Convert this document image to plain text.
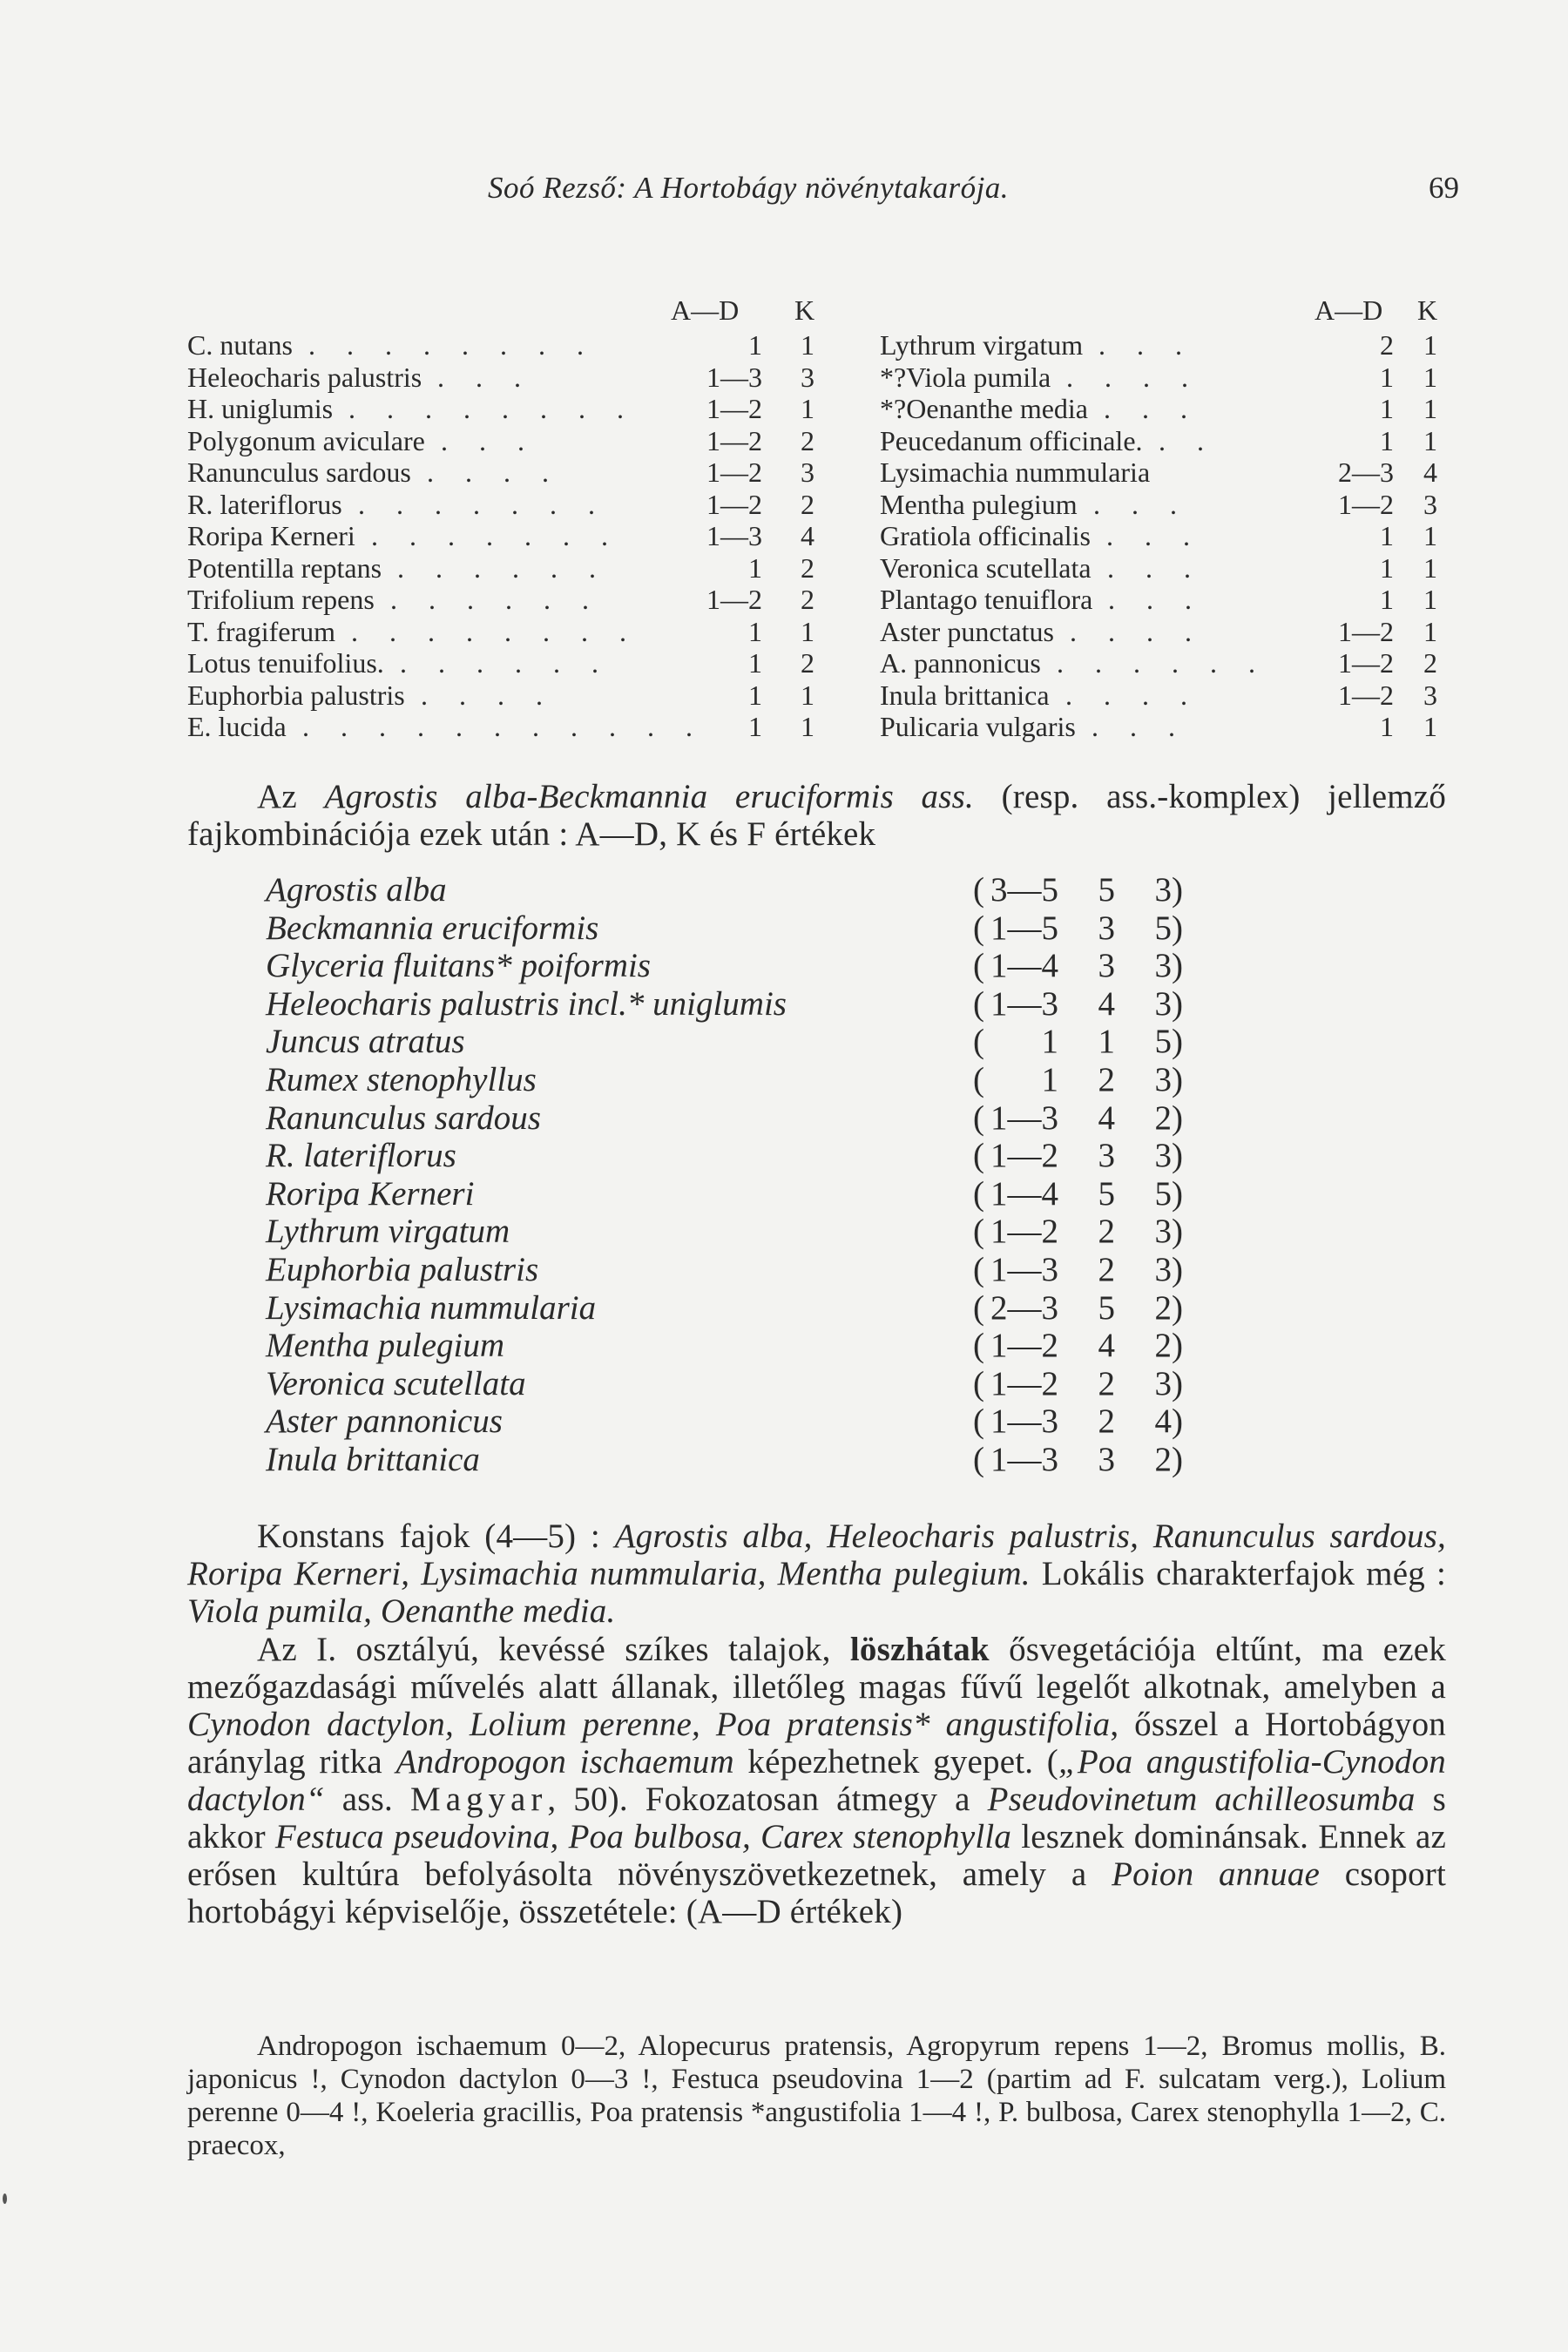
Soó Rezső: A Hortobágy növénytakarója.	69
A—D K
C. nutans . . . . . . . .	1	1
Heleocharis palustris . . .	1—3	3
H. uniglumis . . . . . . . .	1—2	1
Polygonum aviculare . . .	1—2	2
Ranunculus sardous . . . .	1—2	3
R. lateriflorus . . . . . . .	1—2	2
Roripa Kerneri . . . . . . .	1—3	4
Potentilla reptans . . . . . .	1	2
Trifolium repens . . . . . .	1—2	2
T. fragiferum . . . . . . . .	1	1
Lotus tenuifolius. . . . . . .	1	2
Euphorbia palustris . . . .	1	1
E. lucida . . . . . . . . . . .	1	1
A—D K
Lythrum virgatum . . .	2	1
*?Viola pumila . . . .	1	1
*?Oenanthe media . . .	1	1
Peucedanum officinale. . .	1	1
Lysimachia nummularia	2—3	4
Mentha pulegium . . .	1—2	3
Gratiola officinalis . . .	1	1
Veronica scutellata . . .	1	1
Plantago tenuiflora . . .	1	1
Aster punctatus . . . .	1—2	1
A. pannonicus . . . . . .	1—2	2
Inula brittanica . . . .	1—2	3
Pulicaria vulgaris . . .	1	1
Az Agrostis alba-Beckmannia eruciformis ass. (resp. ass.-komplex) jellemző fajkombinációja ezek után : A—D, K és F értékek
Agrostis alba	( 3—5 5 3)
Beckmannia eruciformis	( 1—5 3 5)
Glyceria fluitans* poiformis	( 1—4 3 3)
Heleocharis palustris incl.* uniglumis	( 1—3 4 3)
Juncus atratus	( 1 1 5)
Rumex stenophyllus	( 1 2 3)
Ranunculus sardous	( 1—3 4 2)
R. lateriflorus	( 1—2 3 3)
Roripa Kerneri	( 1—4 5 5)
Lythrum virgatum	( 1—2 2 3)
Euphorbia palustris	( 1—3 2 3)
Lysimachia nummularia	( 2—3 5 2)
Mentha pulegium	( 1—2 4 2)
Veronica scutellata	( 1—2 2 3)
Aster pannonicus	( 1—3 2 4)
Inula brittanica	( 1—3 3 2)
Konstans fajok (4—5) : Agrostis alba, Heleocharis palustris, Ranunculus sardous, Roripa Kerneri, Lysimachia nummularia, Mentha pulegium. Lokális charakterfajok még : Viola pumila, Oenanthe media.
Az I. osztályú, kevéssé szíkes talajok, löszhátak ősvegetációja eltűnt, ma ezek mezőgazdasági művelés alatt állanak, illetőleg magas fűvű legelőt alkotnak, amelyben a Cynodon dactylon, Lolium perenne, Poa pratensis* angustifolia, ősszel a Hortobágyon aránylag ritka Andropogon ischaemum képezhetnek gyepet. („Poa angustifolia-Cynodon dactylon“ ass. Magyar, 50). Fokozatosan átmegy a Pseudovinetum achilleosumba s akkor Festuca pseudovina, Poa bulbosa, Carex stenophylla lesznek dominánsak. Ennek az erősen kultúra befolyásolta növényszövetkezetnek, amely a Poion annuae csoport hortobágyi képviselője, összetétele: (A—D értékek)
Andropogon ischaemum 0—2, Alopecurus pratensis, Agropyrum repens 1—2, Bromus mollis, B. japonicus !, Cynodon dactylon 0—3 !, Festuca pseudovina 1—2 (partim ad F. sulcatam verg.), Lolium perenne 0—4 !, Koeleria gracillis, Poa pratensis *angustifolia 1—4 !, P. bulbosa, Carex stenophylla 1—2, C. praecox,
